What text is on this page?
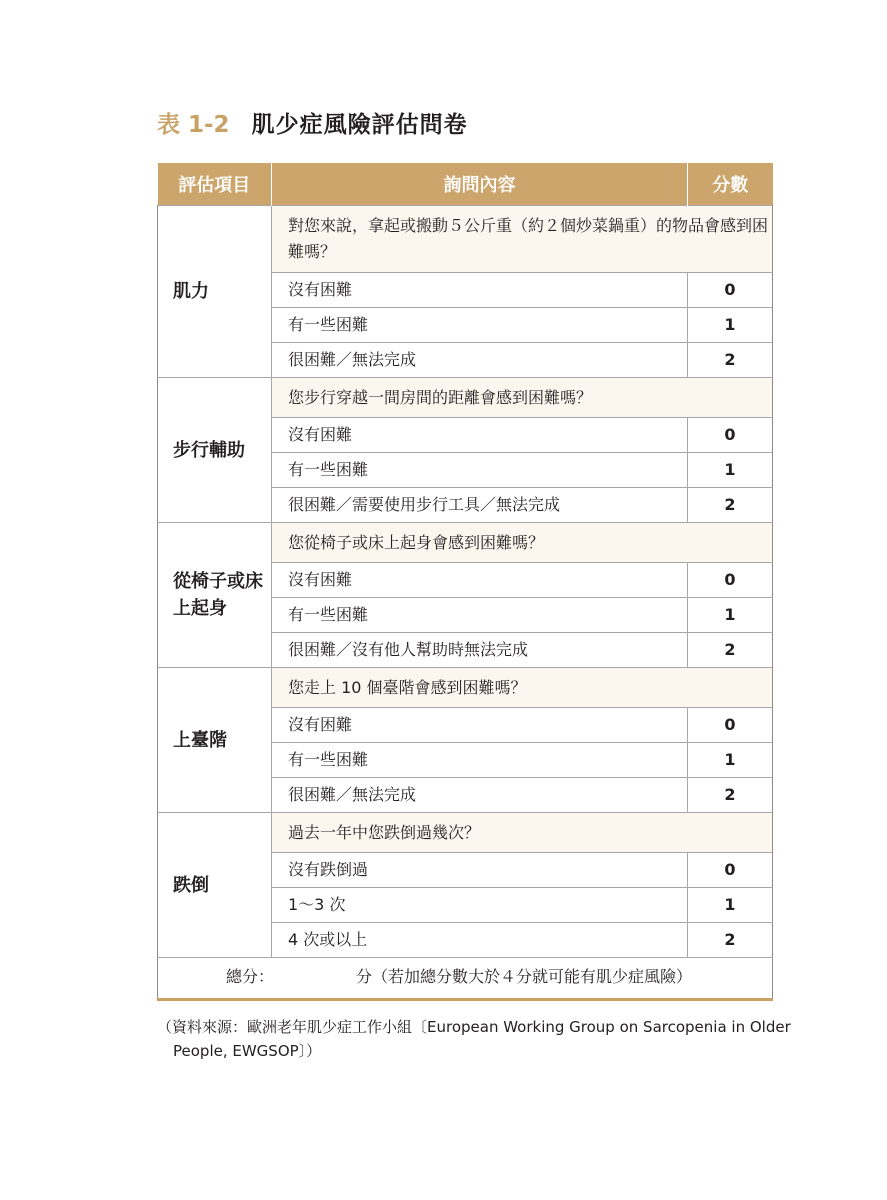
表 1-2 肌少症風險評估問卷
評估項目	詢問內容	分數
肌力	對您來說，拿起或搬動５公斤重（約２個炒菜鍋重）的物品會感到困難嗎？	
	沒有困難	0
	有一些困難	1
	很困難／無法完成	2
步行輔助	您步行穿越一間房間的距離會感到困難嗎？	
	沒有困難	0
	有一些困難	1
	很困難／需要使用步行工具／無法完成	2
從椅子或床上起身	您從椅子或床上起身會感到困難嗎？	
	沒有困難	0
	有一些困難	1
	很困難／沒有他人幫助時無法完成	2
上臺階	您走上 10 個臺階會感到困難嗎？	
	沒有困難	0
	有一些困難	1
	很困難／無法完成	2
跌倒	過去一年中您跌倒過幾次？	
	沒有跌倒過	0
	1～3 次	1
	4 次或以上	2
總分： 分（若加總分數大於４分就可能有肌少症風險）		

（資料來源：歐洲老年肌少症工作小組〔European Working Group on Sarcopenia in Older People, EWGSOP〕）
